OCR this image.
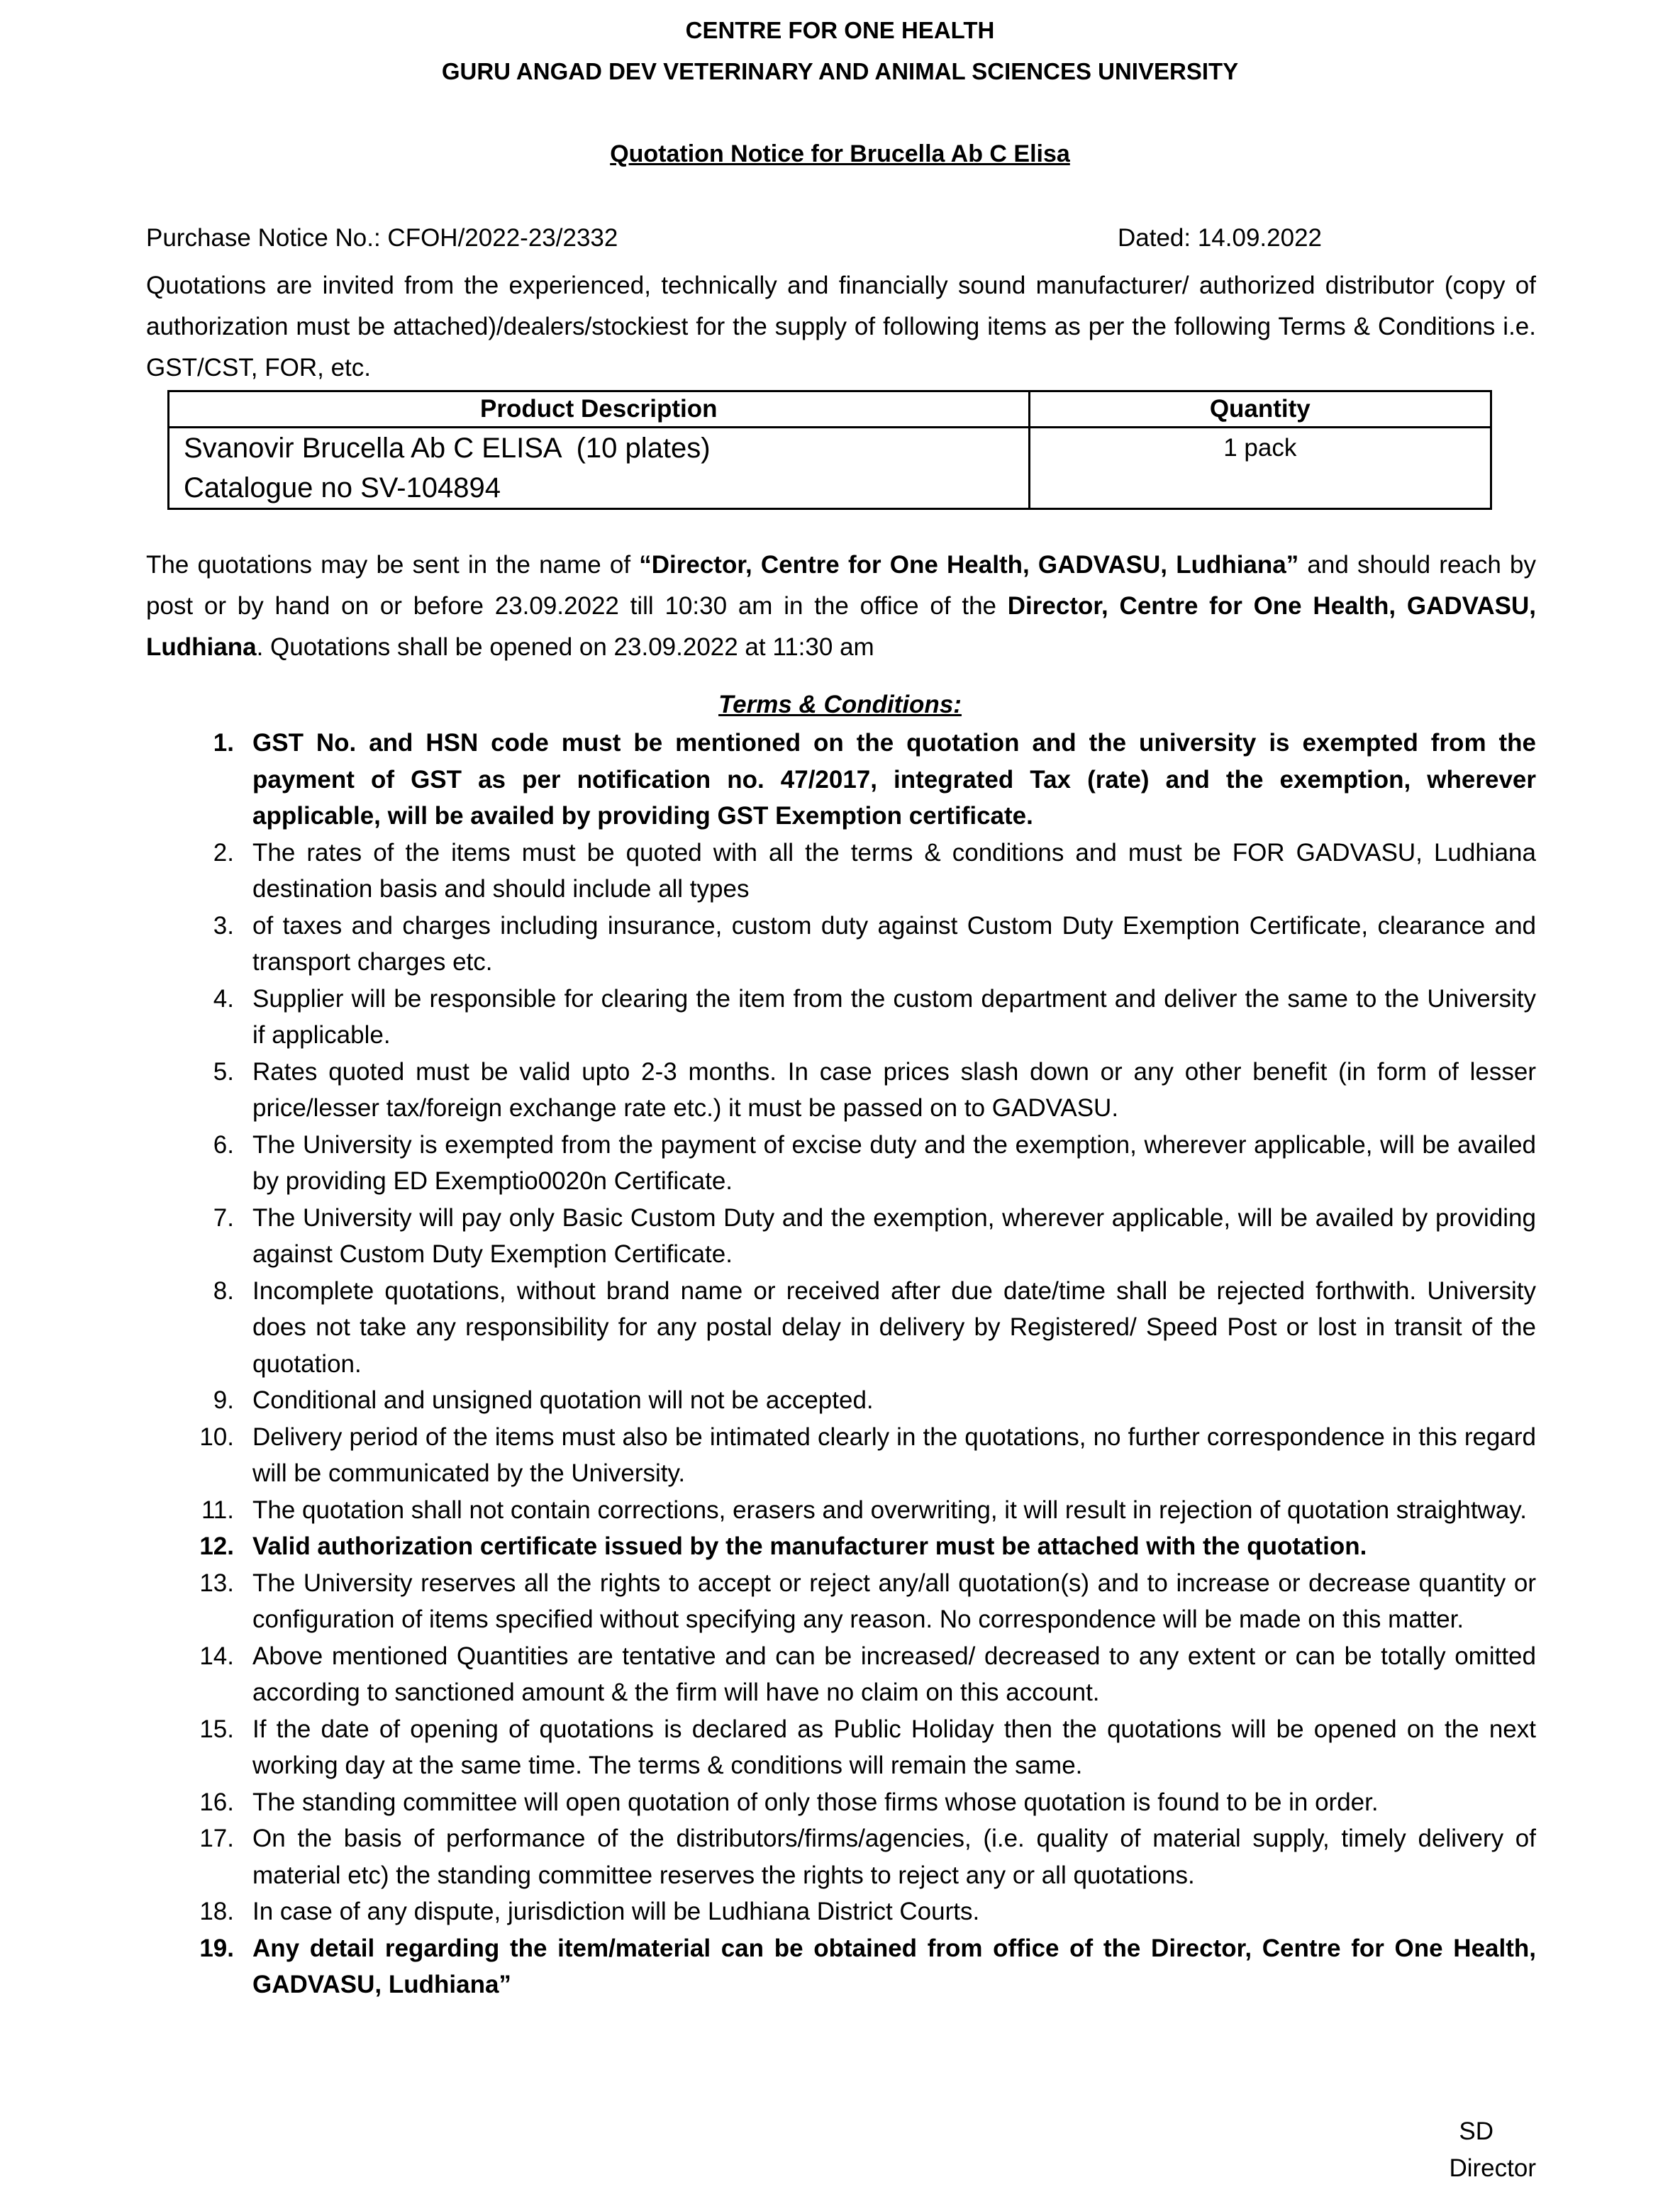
CENTRE FOR ONE HEALTH
GURU ANGAD DEV VETERINARY AND ANIMAL SCIENCES UNIVERSITY
Quotation Notice for Brucella Ab C Elisa
Purchase Notice No.: CFOH/2022-23/2332	Dated: 14.09.2022
Quotations are invited from the experienced, technically and financially sound manufacturer/ authorized distributor (copy of authorization must be attached)/dealers/stockiest for the supply of following items as per the following Terms & Conditions i.e. GST/CST, FOR, etc.
Product Description	Quantity

Svanovir Brucella Ab C ELISA  (10 plates)
Catalogue no SV-104894	1 pack
The quotations may be sent in the name of “Director, Centre for One Health, GADVASU, Ludhiana” and should reach by post or by hand on or before 23.09.2022 till 10:30 am in the office of the Director, Centre for One Health, GADVASU, Ludhiana. Quotations shall be opened on 23.09.2022 at 11:30 am
Terms & Conditions:
1. GST No. and HSN code must be mentioned on the quotation and the university is exempted from the payment of GST as per notification no. 47/2017, integrated Tax (rate) and the exemption, wherever applicable, will be availed by providing GST Exemption certificate.
2. The rates of the items must be quoted with all the terms & conditions and must be FOR GADVASU, Ludhiana destination basis and should include all types
3. of taxes and charges including insurance, custom duty against Custom Duty Exemption Certificate, clearance and transport charges etc.
4. Supplier will be responsible for clearing the item from the custom department and deliver the same to the University if applicable.
5. Rates quoted must be valid upto 2-3 months. In case prices slash down or any other benefit (in form of lesser price/lesser tax/foreign exchange rate etc.) it must be passed on to GADVASU.
6. The University is exempted from the payment of excise duty and the exemption, wherever applicable, will be availed by providing ED Exemptio0020n Certificate.
7. The University will pay only Basic Custom Duty and the exemption, wherever applicable, will be availed by providing against Custom Duty Exemption Certificate.
8. Incomplete quotations, without brand name or received after due date/time shall be rejected forthwith. University does not take any responsibility for any postal delay in delivery by Registered/ Speed Post or lost in transit of the quotation.
9. Conditional and unsigned quotation will not be accepted.
10. Delivery period of the items must also be intimated clearly in the quotations, no further correspondence in this regard will be communicated by the University.
11. The quotation shall not contain corrections, erasers and overwriting, it will result in rejection of quotation straightway.
12. Valid authorization certificate issued by the manufacturer must be attached with the quotation.
13. The University reserves all the rights to accept or reject any/all quotation(s) and to increase or decrease quantity or configuration of items specified without specifying any reason. No correspondence will be made on this matter.
14. Above mentioned Quantities are tentative and can be increased/ decreased to any extent or can be totally omitted according to sanctioned amount & the firm will have no claim on this account.
15. If the date of opening of quotations is declared as Public Holiday then the quotations will be opened on the next working day at the same time. The terms & conditions will remain the same.
16. The standing committee will open quotation of only those firms whose quotation is found to be in order.
17. On the basis of performance of the distributors/firms/agencies, (i.e. quality of material supply, timely delivery of material etc) the standing committee reserves the rights to reject any or all quotations.
18. In case of any dispute, jurisdiction will be Ludhiana District Courts.
19. Any detail regarding the item/material can be obtained from office of the Director, Centre for One Health, GADVASU, Ludhiana”
SD
Director
